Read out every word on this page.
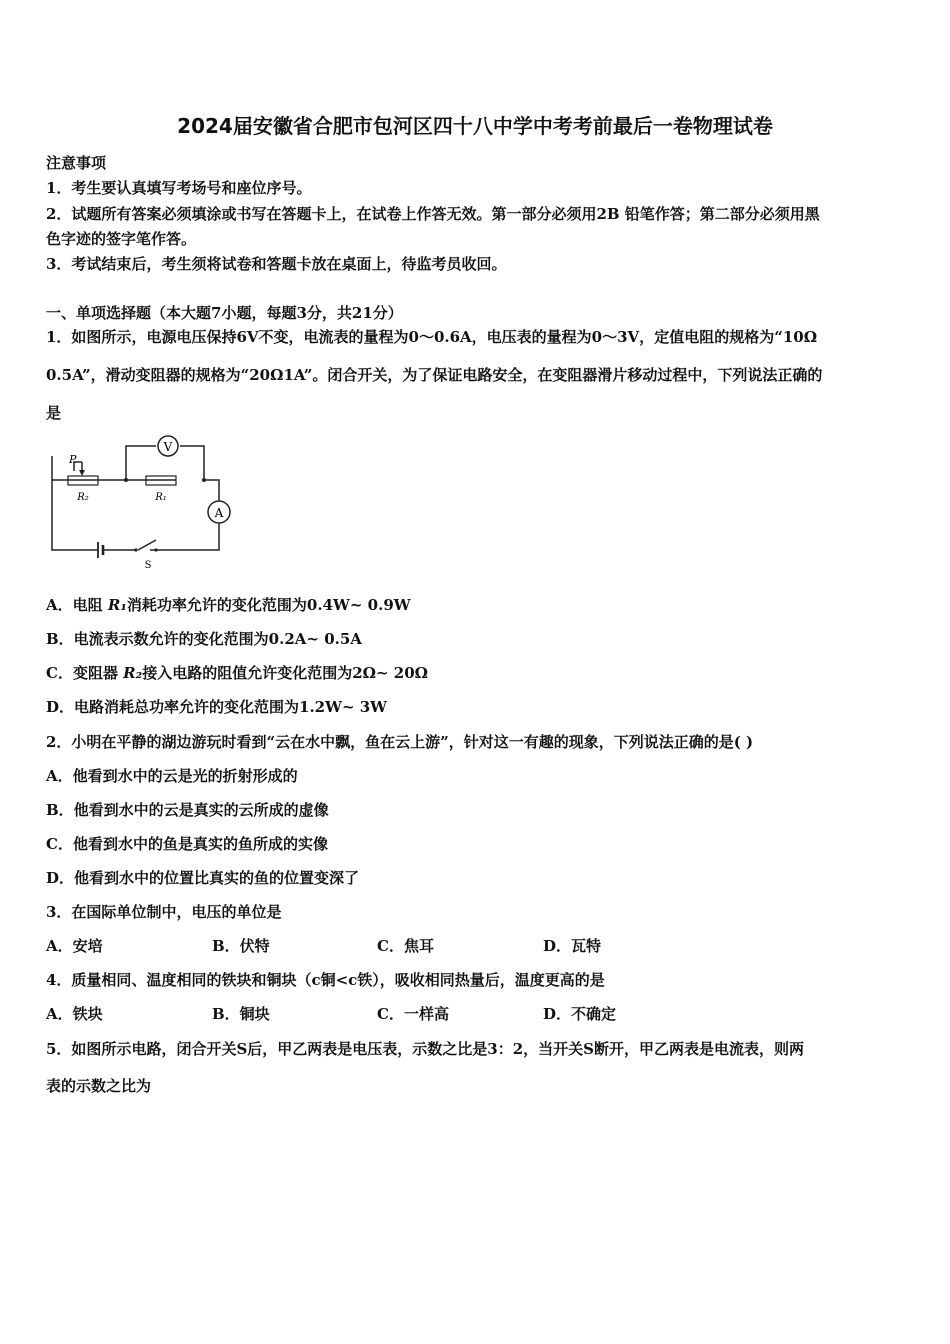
2024届安徽省合肥市包河区四十八中学中考考前最后一卷物理试卷
注意事项
1．考生要认真填写考场号和座位序号。
2．试题所有答案必须填涂或书写在答题卡上，在试卷上作答无效。第一部分必须用2B 铅笔作答；第二部分必须用黑
色字迹的签字笔作答。
3．考试结束后，考生须将试卷和答题卡放在桌面上，待监考员收回。
一、单项选择题（本大题7小题，每题3分，共21分）
1．如图所示，电源电压保持6V不变，电流表的量程为0～0.6A，电压表的量程为0～3V，定值电阻的规格为“10Ω
0.5A”，滑动变阻器的规格为“20Ω1A”。闭合开关，为了保证电路安全，在变阻器滑片移动过程中，下列说法正确的
是
V
A
P
R₂	R₁
S
A．电阻 R₁消耗功率允许的变化范围为0.4W~ 0.9W
B．电流表示数允许的变化范围为0.2A~ 0.5A
C．变阻器 R₂接入电路的阻值允许变化范围为2Ω~ 20Ω
D．电路消耗总功率允许的变化范围为1.2W~ 3W
2．小明在平静的湖边游玩时看到“云在水中飘，鱼在云上游”，针对这一有趣的现象，下列说法正确的是( )
A．他看到水中的云是光的折射形成的
B．他看到水中的云是真实的云所成的虚像
C．他看到水中的鱼是真实的鱼所成的实像
D．他看到水中的位置比真实的鱼的位置变深了
3．在国际单位制中，电压的单位是
A．安培	B．伏特	C．焦耳	D．瓦特
4．质量相同、温度相同的铁块和铜块（c铜<c铁），吸收相同热量后，温度更高的是
A．铁块	B．铜块	C．一样高	D．不确定
5．如图所示电路，闭合开关S后，甲乙两表是电压表，示数之比是3：2，当开关S断开，甲乙两表是电流表，则两
表的示数之比为
